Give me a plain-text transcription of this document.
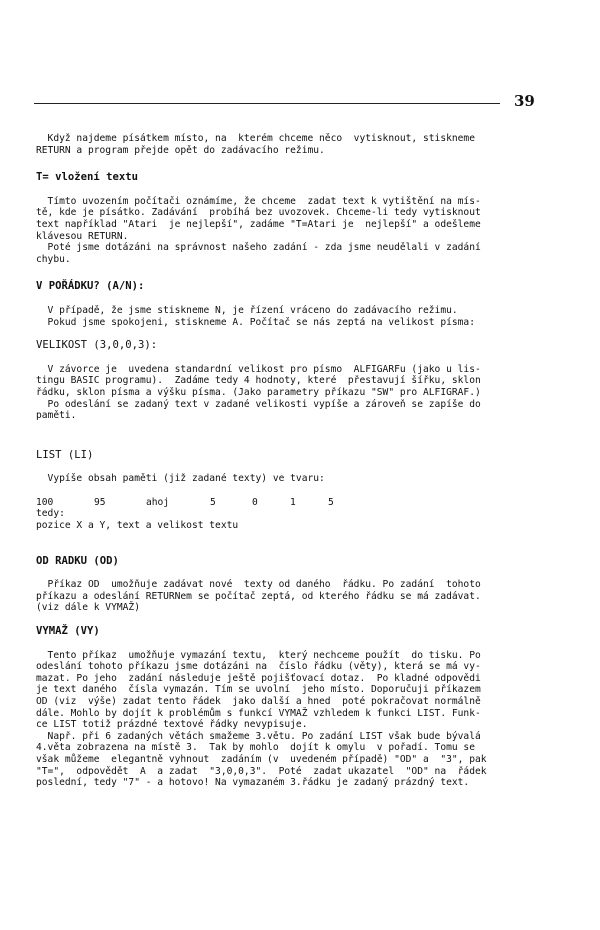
39
Když najdeme písátkem místo, na  kterém chceme něco  vytisknout, stiskneme
RETURN a program přejde opět do zadávacího režimu.
T= vložení textu
Tímto uvozením počítači oznámíme, že chceme  zadat text k vytištění na mís-
tě, kde je písátko. Zadávání  probíhá bez uvozovek. Chceme-li tedy vytisknout
text například "Atari  je nejlepší", zadáme "T=Atari je  nejlepší" a odešleme
klávesou RETURN.
Poté jsme dotázáni na správnost našeho zadání - zda jsme neudělali v zadání
chybu.
V POŘÁDKU? (A/N):
V případě, že jsme stiskneme N, je řízení vráceno do zadávacího režimu.
Pokud jsme spokojeni, stiskneme A. Počítač se nás zeptá na velikost písma:
VELIKOST (3,0,0,3):
V závorce je  uvedena standardní velikost pro písmo  ALFIGARFu (jako u lis-
tingu BASIC programu).  Zadáme tedy 4 hodnoty, které  přestavují šířku, sklon
řádku, sklon písma a výšku písma. (Jako parametry příkazu "SW" pro ALFIGRAF.)
Po odeslání se zadaný text v zadané velikosti vypíše a zároveň se zapíše do
paměti.
LIST (LI)
Vypíše obsah paměti (již zadané texty) ve tvaru:
100	95	ahoj	5	0	1	5
tedy:
pozice X a Y, text a velikost textu
OD RADKU (OD)
Příkaz OD  umožňuje zadávat nové  texty od daného  řádku. Po zadání  tohoto
příkazu a odeslání RETURNem se počítač zeptá, od kterého řádku se má zadávat.
(viz dále k VYMAŽ)
VYMAŽ (VY)
Tento příkaz  umožňuje vymazání textu,  který nechceme použít  do tisku. Po
odeslání tohoto příkazu jsme dotázáni na  číslo řádku (věty), která se má vy-
mazat. Po jeho  zadání následuje ještě pojišťovací dotaz.  Po kladné odpovědi
je text daného  čísla vymazán. Tím se uvolní  jeho místo. Doporučuji příkazem
OD (viz  výše) zadat tento řádek  jako další a hned  poté pokračovat normálně
dále. Mohlo by dojít k problémům s funkcí VYMAŽ vzhledem k funkci LIST. Funk-
ce LIST totiž prázdné textové řádky nevypisuje.
Např. při 6 zadaných větách smažeme 3.větu. Po zadání LIST však bude bývalá
4.věta zobrazena na místě 3.  Tak by mohlo  dojít k omylu  v pořadí. Tomu se
však můžeme  elegantně vyhnout  zadáním (v  uvedeném případě) "OD" a  "3", pak
"T=",  odpovědět  A  a zadat  "3,0,0,3".  Poté  zadat ukazatel  "OD" na  řádek
poslední, tedy "7" - a hotovo! Na vymazaném 3.řádku je zadaný prázdný text.
